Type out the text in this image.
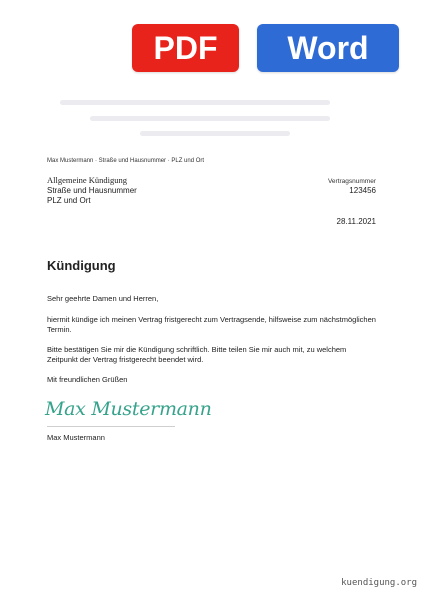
PDF	Word
Max Mustermann · Straße und Hausnummer · PLZ und Ort
Allgemeine Kündigung
Straße und Hausnummer
PLZ und Ort
Vertragsnummer
123456
28.11.2021
Kündigung
Sehr geehrte Damen und Herren,
hiermit kündige ich meinen Vertrag fristgerecht zum Vertragsende, hilfsweise zum nächstmöglichen Termin.
Bitte bestätigen Sie mir die Kündigung schriftlich. Bitte teilen Sie mir auch mit, zu welchem Zeitpunkt der Vertrag fristgerecht beendet wird.
Mit freundlichen Grüßen
Max Mustermann
Max Mustermann
kuendigung.org
